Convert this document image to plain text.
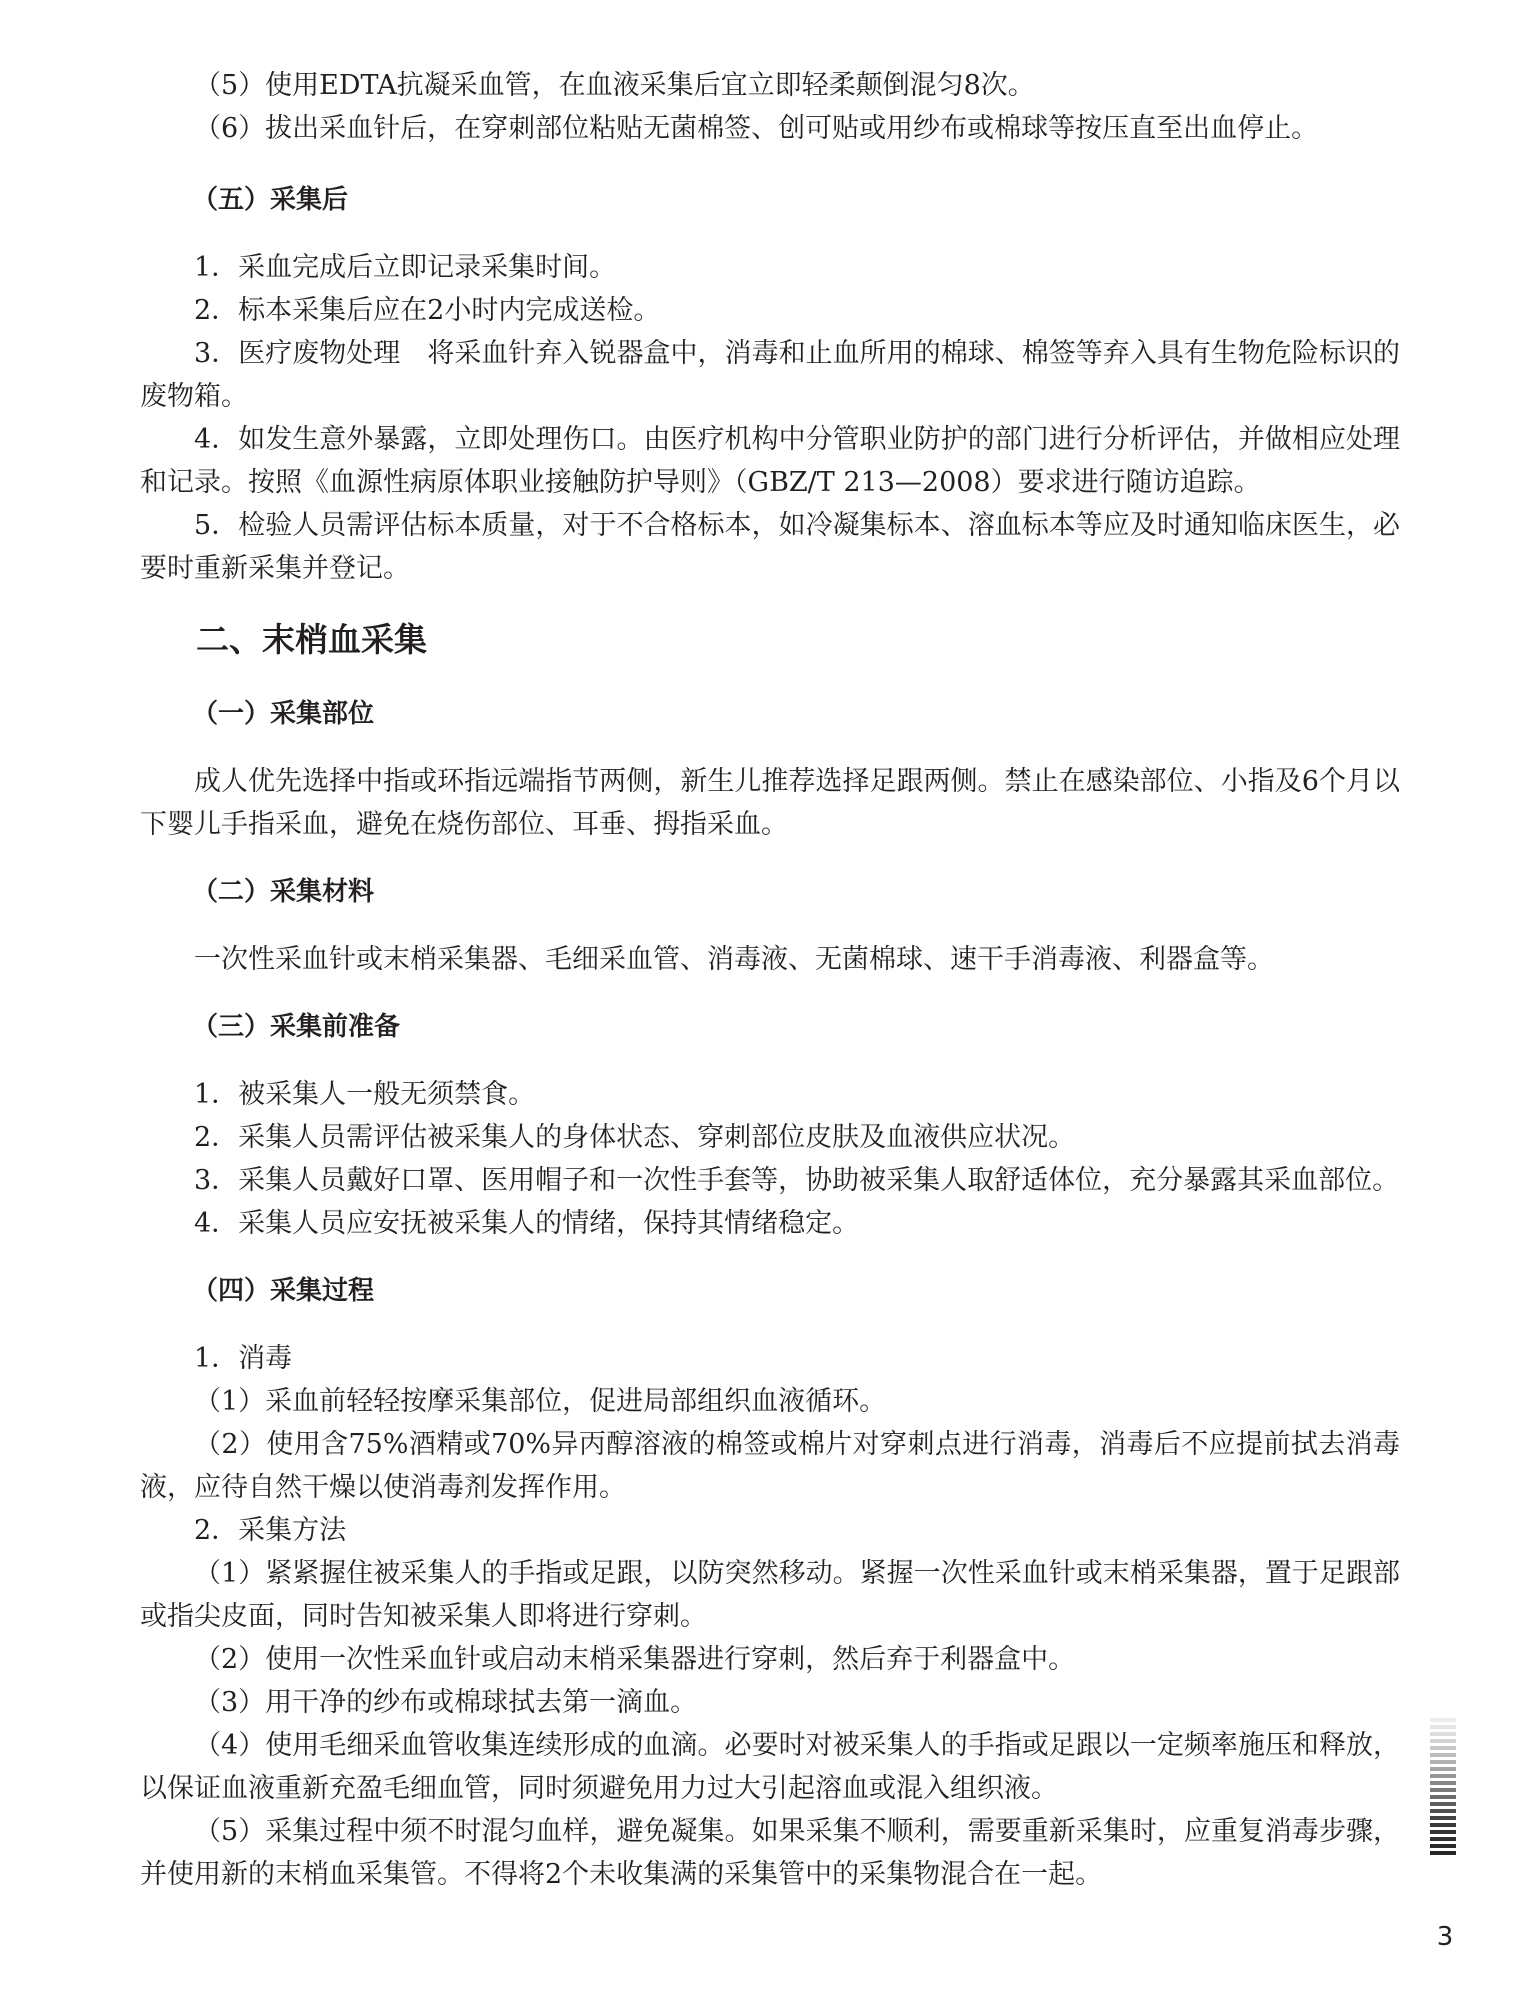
（5）使用EDTA抗凝采血管，在血液采集后宜立即轻柔颠倒混匀8次。

（6）拔出采血针后，在穿刺部位粘贴无菌棉签、创可贴或用纱布或棉球等按压直至出血停止。

（五）采集后

1．采血完成后立即记录采集时间。

2．标本采集后应在2小时内完成送检。

3．医疗废物处理　将采血针弃入锐器盒中，消毒和止血所用的棉球、棉签等弃入具有生物危险标识的废物箱。

4．如发生意外暴露，立即处理伤口。由医疗机构中分管职业防护的部门进行分析评估，并做相应处理和记录。按照《血源性病原体职业接触防护导则》（GBZ/T 213—2008）要求进行随访追踪。

5．检验人员需评估标本质量，对于不合格标本，如冷凝集标本、溶血标本等应及时通知临床医生，必要时重新采集并登记。

二、末梢血采集
（一）采集部位

成人优先选择中指或环指远端指节两侧，新生儿推荐选择足跟两侧。禁止在感染部位、小指及6个月以下婴儿手指采血，避免在烧伤部位、耳垂、拇指采血。

（二）采集材料

一次性采血针或末梢采集器、毛细采血管、消毒液、无菌棉球、速干手消毒液、利器盒等。

（三）采集前准备

1．被采集人一般无须禁食。

2．采集人员需评估被采集人的身体状态、穿刺部位皮肤及血液供应状况。

3．采集人员戴好口罩、医用帽子和一次性手套等，协助被采集人取舒适体位，充分暴露其采血部位。

4．采集人员应安抚被采集人的情绪，保持其情绪稳定。

（四）采集过程

1．消毒

（1）采血前轻轻按摩采集部位，促进局部组织血液循环。

（2）使用含75%酒精或70%异丙醇溶液的棉签或棉片对穿刺点进行消毒，消毒后不应提前拭去消毒液，应待自然干燥以使消毒剂发挥作用。

2．采集方法

（1）紧紧握住被采集人的手指或足跟，以防突然移动。紧握一次性采血针或末梢采集器，置于足跟部或指尖皮面，同时告知被采集人即将进行穿刺。

（2）使用一次性采血针或启动末梢采集器进行穿刺，然后弃于利器盒中。

（3）用干净的纱布或棉球拭去第一滴血。

（4）使用毛细采血管收集连续形成的血滴。必要时对被采集人的手指或足跟以一定频率施压和释放，以保证血液重新充盈毛细血管，同时须避免用力过大引起溶血或混入组织液。

（5）采集过程中须不时混匀血样，避免凝集。如果采集不顺利，需要重新采集时，应重复消毒步骤，并使用新的末梢血采集管。不得将2个未收集满的采集管中的采集物混合在一起。

3
